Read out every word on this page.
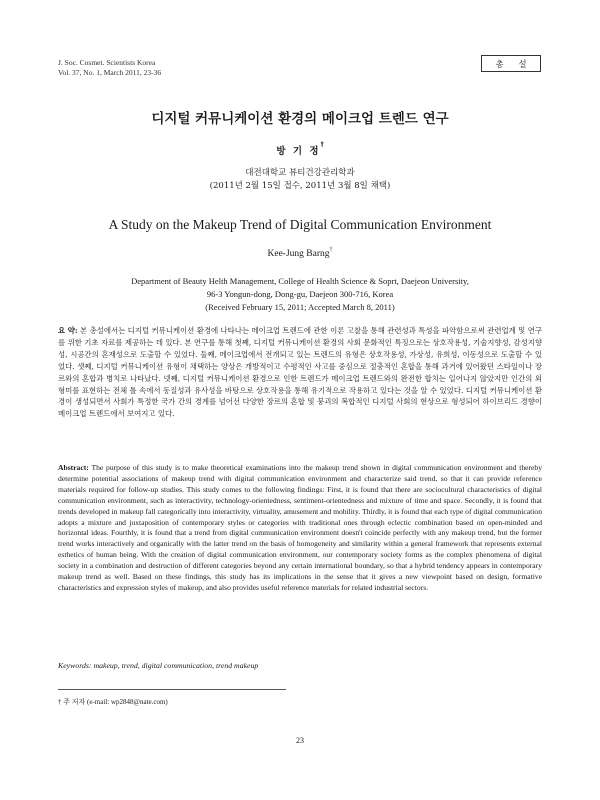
J. Soc. Cosmet. Scientists Korea
Vol. 37, No. 1, March 2011, 23-36
총 설
디지털 커뮤니케이션 환경의 메이크업 트렌드 연구
방 기 정†
대전대학교 뷰티건강관리학과
(2011년 2월 15일 접수, 2011년 3월 8일 채택)
A Study on the Makeup Trend of Digital Communication Environment
Kee-Jung Barng†
Department of Beauty Helth Management, College of Health Science & Soprt, Daejeon University,
96-3 Yongun-dong, Dong-gu, Daejeon 300-716, Korea
(Received February 15, 2011; Accepted March 8, 2011)
요 약: 본 총설에서는 디지털 커뮤니케이션 환경에 나타나는 메이크업 트렌드에 관한 이론 고찰을 통해 관련성과 특성을 파악함으로써 관련업계 및 연구를 위한 기초 자료를 제공하는 데 있다. 본 연구를 통해 첫째, 디지털 커뮤니케이션 환경의 사회 문화적인 특징으로는 상호작용성, 기술지향성, 감성지향성, 시공간의 혼재성으로 도출할 수 있었다. 둘째, 메이크업에서 전개되고 있는 트렌드의 유형은 상호작용성, 가상성, 유희성, 이동성으로 도출할 수 있었다. 셋째, 디지털 커뮤니케이션 유형이 채택하는 양상은 개방적이고 수평적인 사고를 중심으로 절충적인 혼합을 통해 과거에 있어왔던 스타일이나 장르와의 혼합과 병치로 나타났다. 넷째, 디지털 커뮤니케이션 환경으로 인한 트렌드가 메이크업 트렌드와의 완전한 합치는 일어나지 않았지만 인간의 외형미를 표현하는 전체 틀 속에서 동질성과 유사성을 바탕으로 상호작용을 통해 유기적으로 작용하고 있다는 것을 알 수 있었다. 디지털 커뮤니케이션 환경이 생성되면서 사회가 특정한 국가 간의 경계를 넘어선 다양한 장르의 혼합 및 붕괴의 복합적인 디지털 사회의 현상으로 형성되어 하이브리드 경향이 메이크업 트렌드에서 보여지고 있다.
Abstract: The purpose of this study is to make theoretical examinations into the makeup trend shown in digital communication environment and thereby determine potential associations of makeup trend with digital communication environment and characterize said trend, so that it can provide reference materials required for follow-up studies. This study comes to the following findings: First, it is found that there are sociocultural characteristics of digital communication environment, such as interactivity, technology-orientedness, sentiment-orientedness and mixture of time and space. Secondly, it is found that trends developed in makeup fall categorically into interactivity, virtuality, amusement and mobility. Thirdly, it is found that each type of digital communication adopts a mixture and juxtaposition of contemporary styles or categories with traditional ones through eclectic combination based on open-minded and horizontal ideas. Fourthly, it is found that a trend from digital communication environment doesn't coincide perfectly with any makeup trend, but the former trend works interactively and organically with the latter trend on the basis of homogeneity and similarity within a general framework that represents external esthetics of human being. With the creation of digital communication environment, our contemporary society forms as the complex phenomena of digital society in a combination and destruction of different categories beyond any certain international boundary, so that a hybrid tendency appears in contemporary makeup trend as well. Based on these findings, this study has its implications in the sense that it gives a new viewpoint based on design, formative characteristics and expression styles of makeup, and also provides useful reference materials for related industrial sectors.
Keywords: makeup, trend, digital communication, trend makeup
† 주 저자 (e-mail: wp2848@nate.com)
23
